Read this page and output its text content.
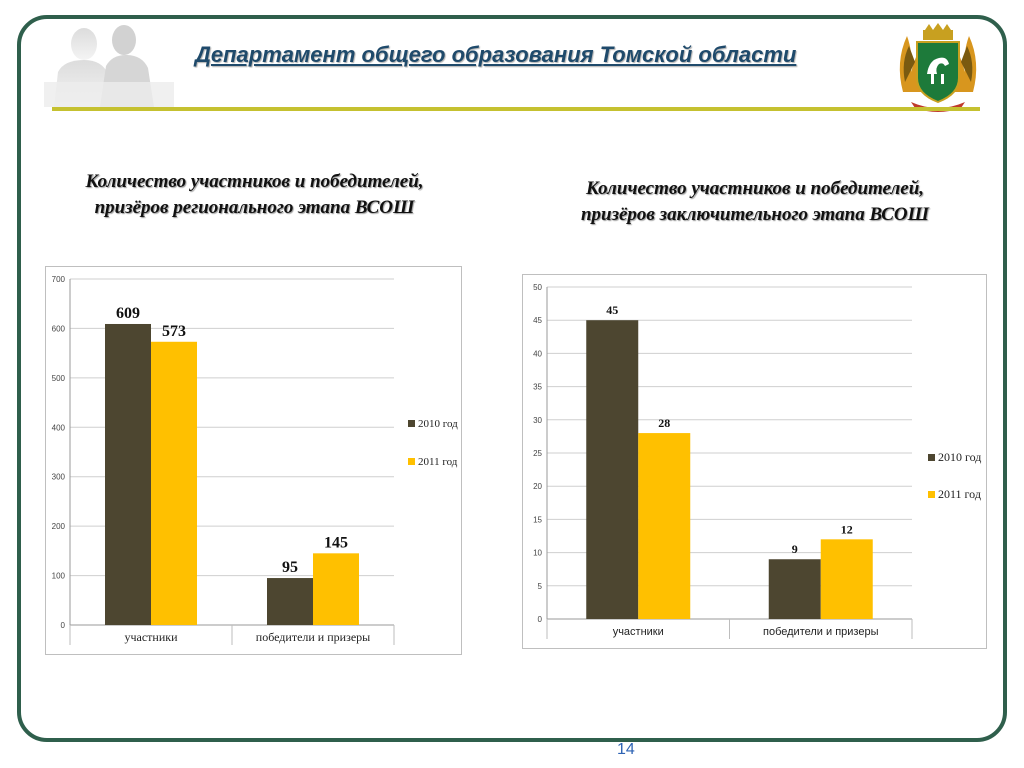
Департамент общего образования Томской области
Количество участников и победителей, призёров регионального этапа ВСОШ
Количество участников и победителей, призёров заключительного этапа ВСОШ
0
100
200
300
400
500
600
700
609
573
участники
95
145
победители и призеры
2010 год
2011 год
0
5
10
15
20
25
30
35
40
45
50
45
28
участники
9
12
победители и призеры
2010 год
2011 год
14
